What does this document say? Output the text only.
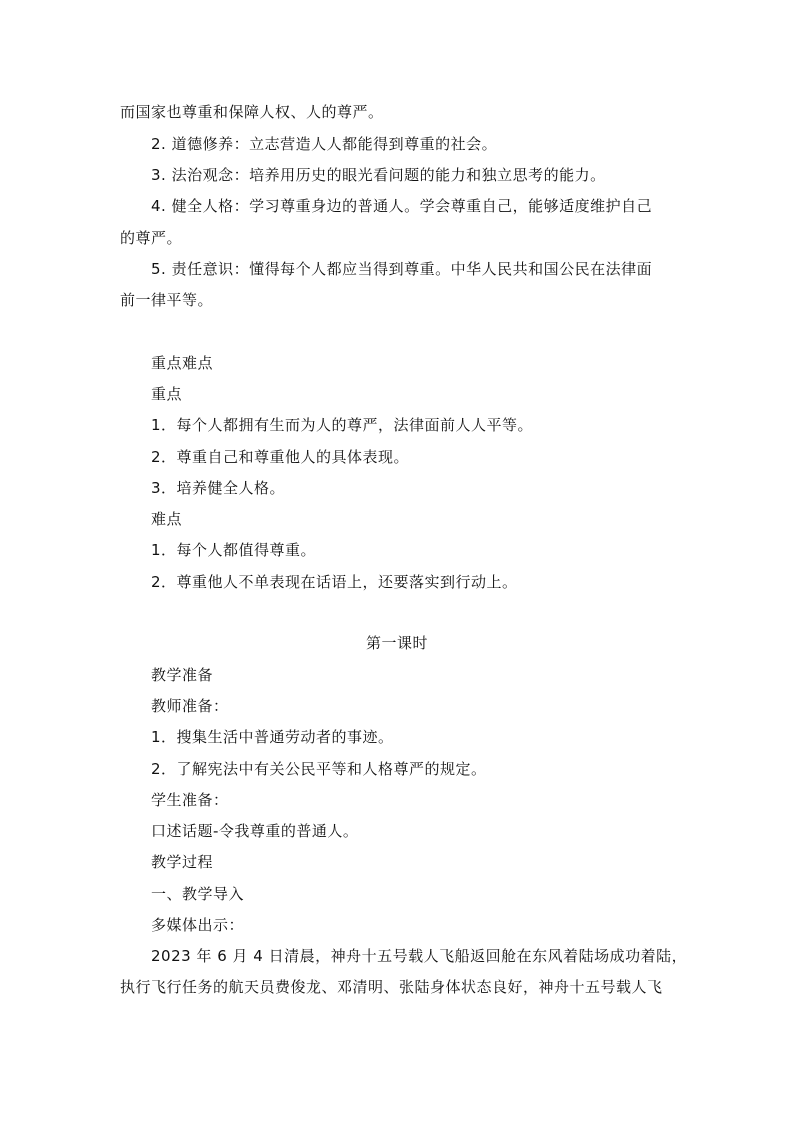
而国家也尊重和保障人权、人的尊严。
2. 道德修养：立志营造人人都能得到尊重的社会。
3. 法治观念：培养用历史的眼光看问题的能力和独立思考的能力。
4. 健全人格：学习尊重身边的普通人。学会尊重自己，能够适度维护自己
的尊严。
5. 责任意识：懂得每个人都应当得到尊重。中华人民共和国公民在法律面
前一律平等。
重点难点
重点
1．每个人都拥有生而为人的尊严，法律面前人人平等。
2．尊重自己和尊重他人的具体表现。
3．培养健全人格。
难点
1．每个人都值得尊重。
2．尊重他人不单表现在话语上，还要落实到行动上。
第一课时
教学准备
教师准备：
1．搜集生活中普通劳动者的事迹。
2．了解宪法中有关公民平等和人格尊严的规定。
学生准备：
口述话题-令我尊重的普通人。
教学过程
一、教学导入
多媒体出示：
2023 年 6 月 4 日清晨，神舟十五号载人飞船返回舱在东风着陆场成功着陆，
执行飞行任务的航天员费俊龙、邓清明、张陆身体状态良好，神舟十五号载人飞
